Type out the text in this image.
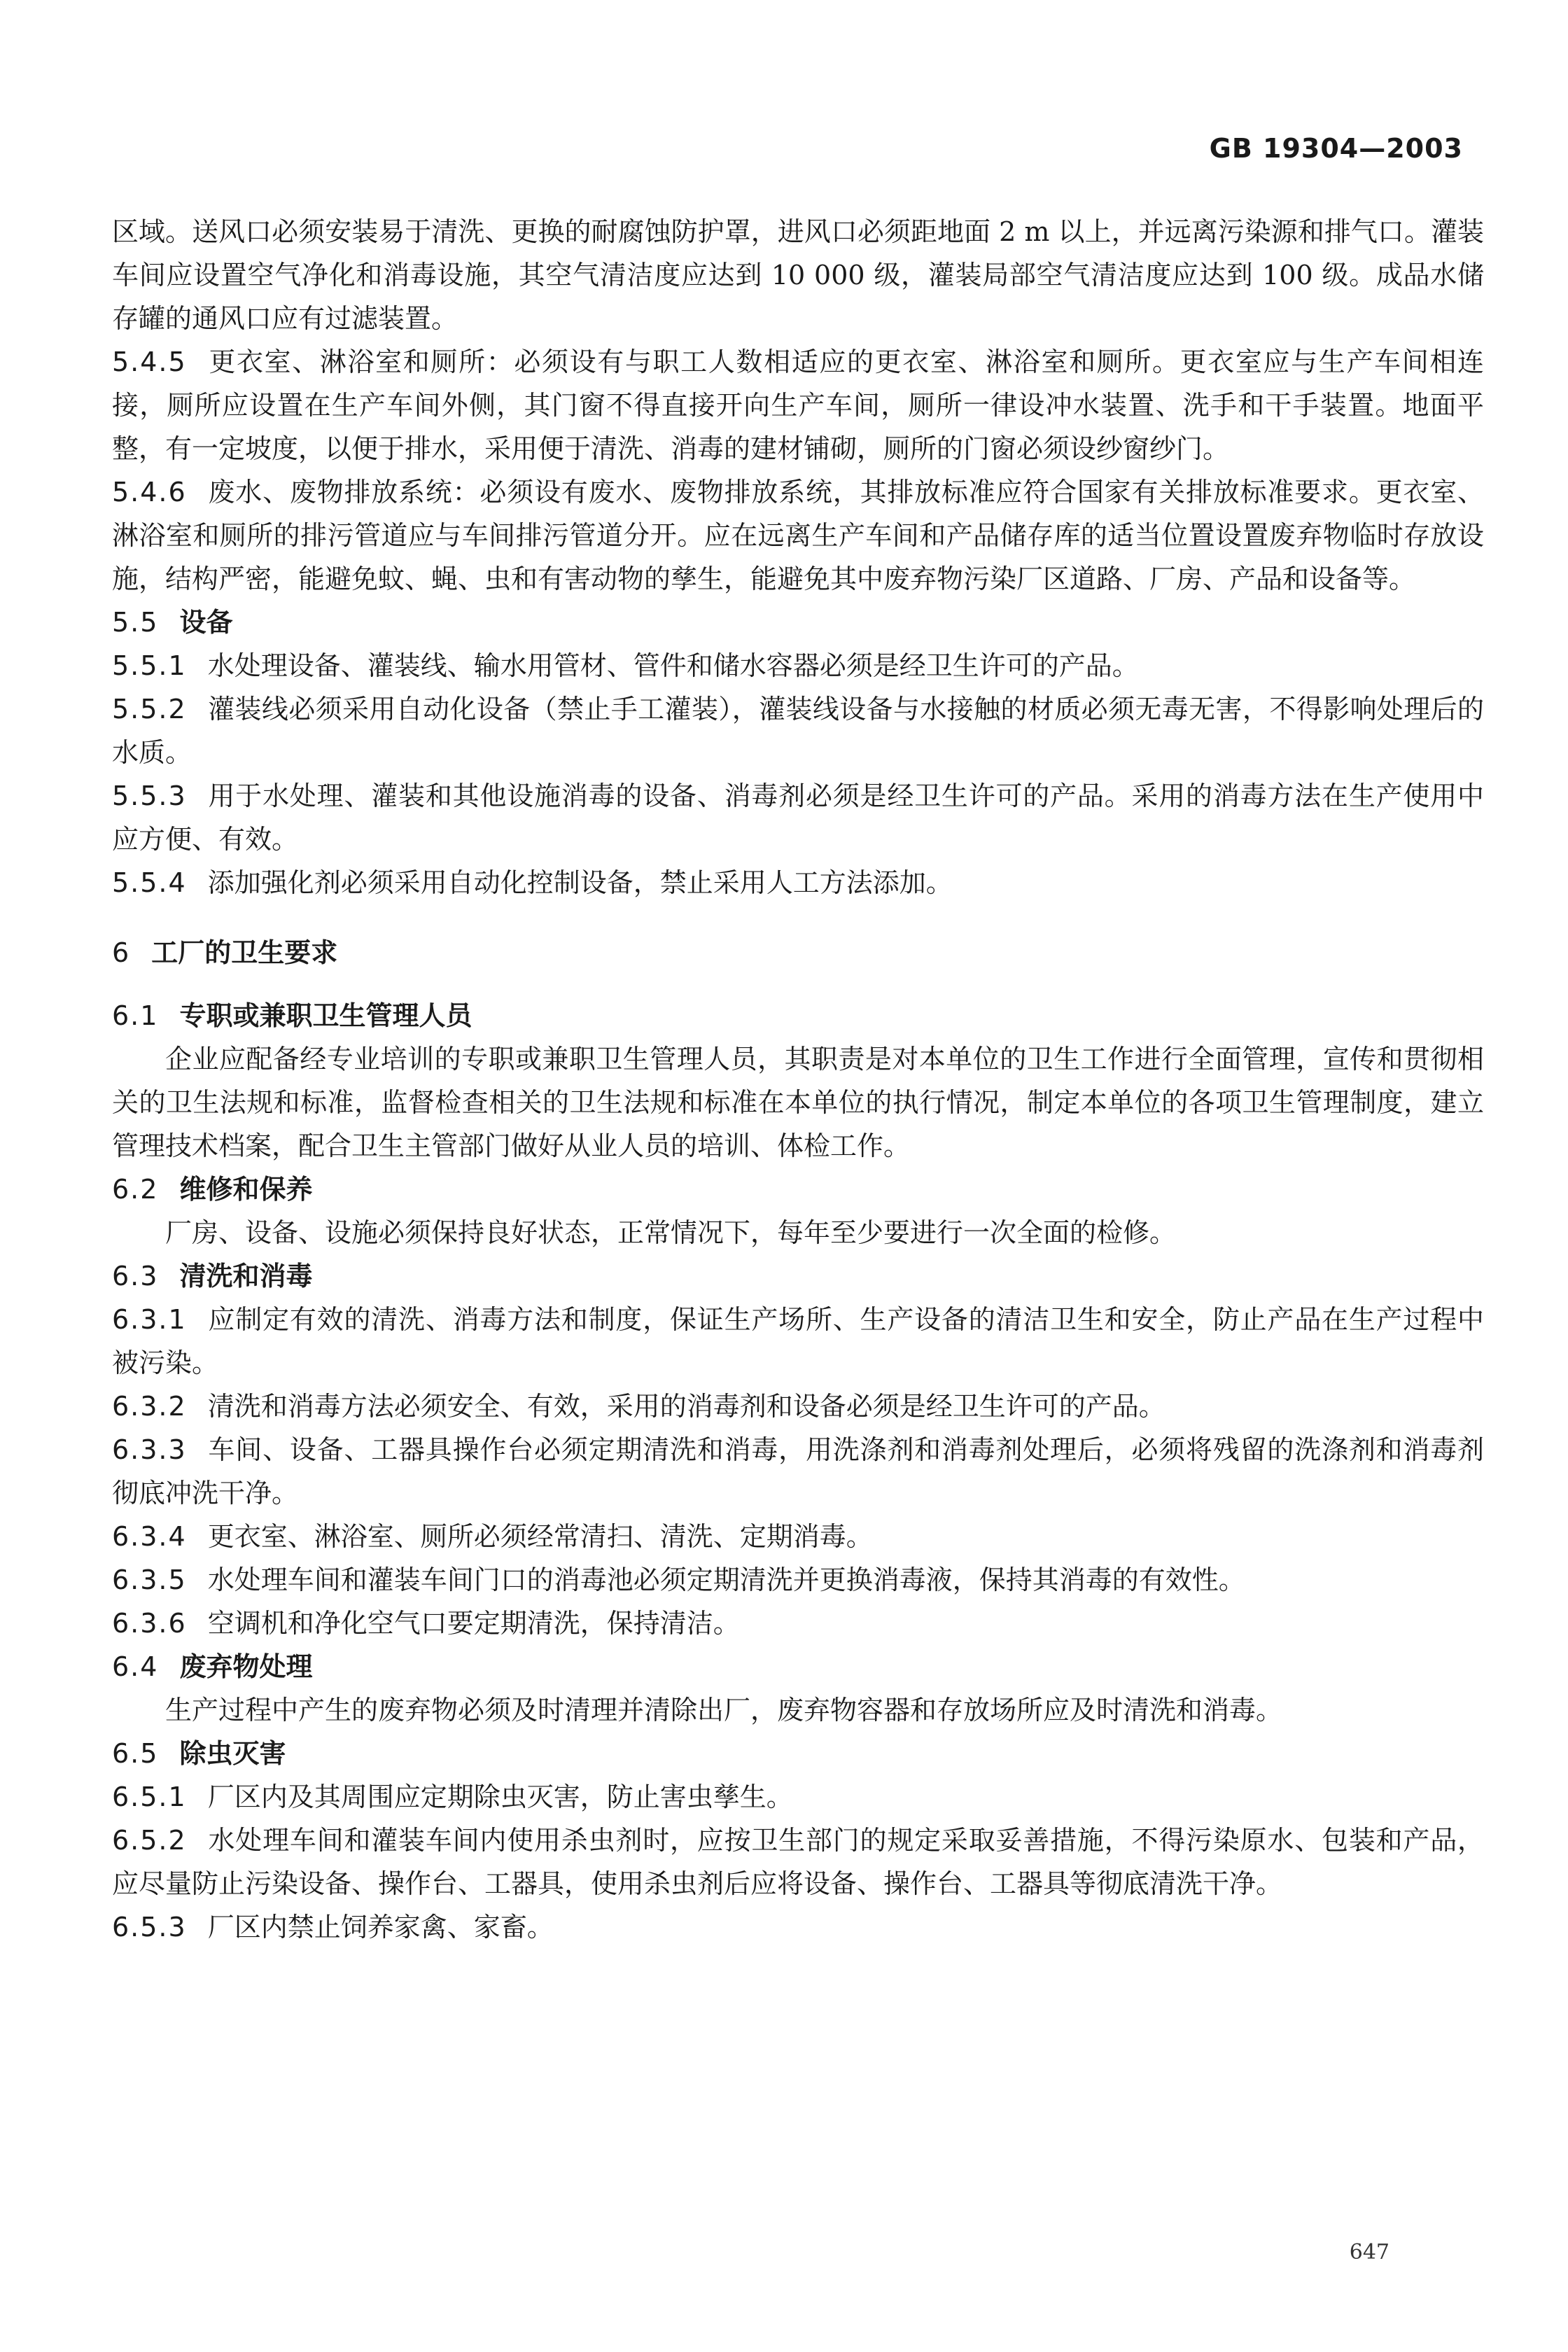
GB 19304—2003
区域。送风口必须安装易于清洗、更换的耐腐蚀防护罩，进风口必须距地面 2 m 以上，并远离污染源和排气口。灌装车间应设置空气净化和消毒设施，其空气清洁度应达到 10 000 级，灌装局部空气清洁度应达到 100 级。成品水储存罐的通风口应有过滤装置。
5.4.5 更衣室、淋浴室和厕所：必须设有与职工人数相适应的更衣室、淋浴室和厕所。更衣室应与生产车间相连接，厕所应设置在生产车间外侧，其门窗不得直接开向生产车间，厕所一律设冲水装置、洗手和干手装置。地面平整，有一定坡度，以便于排水，采用便于清洗、消毒的建材铺砌，厕所的门窗必须设纱窗纱门。
5.4.6 废水、废物排放系统：必须设有废水、废物排放系统，其排放标准应符合国家有关排放标准要求。更衣室、淋浴室和厕所的排污管道应与车间排污管道分开。应在远离生产车间和产品储存库的适当位置设置废弃物临时存放设施，结构严密，能避免蚊、蝇、虫和有害动物的孳生，能避免其中废弃物污染厂区道路、厂房、产品和设备等。
5.5 设备
5.5.1 水处理设备、灌装线、输水用管材、管件和储水容器必须是经卫生许可的产品。
5.5.2 灌装线必须采用自动化设备（禁止手工灌装），灌装线设备与水接触的材质必须无毒无害，不得影响处理后的水质。
5.5.3 用于水处理、灌装和其他设施消毒的设备、消毒剂必须是经卫生许可的产品。采用的消毒方法在生产使用中应方便、有效。
5.5.4 添加强化剂必须采用自动化控制设备，禁止采用人工方法添加。
6 工厂的卫生要求
6.1 专职或兼职卫生管理人员
企业应配备经专业培训的专职或兼职卫生管理人员，其职责是对本单位的卫生工作进行全面管理，宣传和贯彻相关的卫生法规和标准，监督检查相关的卫生法规和标准在本单位的执行情况，制定本单位的各项卫生管理制度，建立管理技术档案，配合卫生主管部门做好从业人员的培训、体检工作。
6.2 维修和保养
厂房、设备、设施必须保持良好状态，正常情况下，每年至少要进行一次全面的检修。
6.3 清洗和消毒
6.3.1 应制定有效的清洗、消毒方法和制度，保证生产场所、生产设备的清洁卫生和安全，防止产品在生产过程中被污染。
6.3.2 清洗和消毒方法必须安全、有效，采用的消毒剂和设备必须是经卫生许可的产品。
6.3.3 车间、设备、工器具操作台必须定期清洗和消毒，用洗涤剂和消毒剂处理后，必须将残留的洗涤剂和消毒剂彻底冲洗干净。
6.3.4 更衣室、淋浴室、厕所必须经常清扫、清洗、定期消毒。
6.3.5 水处理车间和灌装车间门口的消毒池必须定期清洗并更换消毒液，保持其消毒的有效性。
6.3.6 空调机和净化空气口要定期清洗，保持清洁。
6.4 废弃物处理
生产过程中产生的废弃物必须及时清理并清除出厂，废弃物容器和存放场所应及时清洗和消毒。
6.5 除虫灭害
6.5.1 厂区内及其周围应定期除虫灭害，防止害虫孳生。
6.5.2 水处理车间和灌装车间内使用杀虫剂时，应按卫生部门的规定采取妥善措施，不得污染原水、包装和产品，应尽量防止污染设备、操作台、工器具，使用杀虫剂后应将设备、操作台、工器具等彻底清洗干净。
6.5.3 厂区内禁止饲养家禽、家畜。
647
